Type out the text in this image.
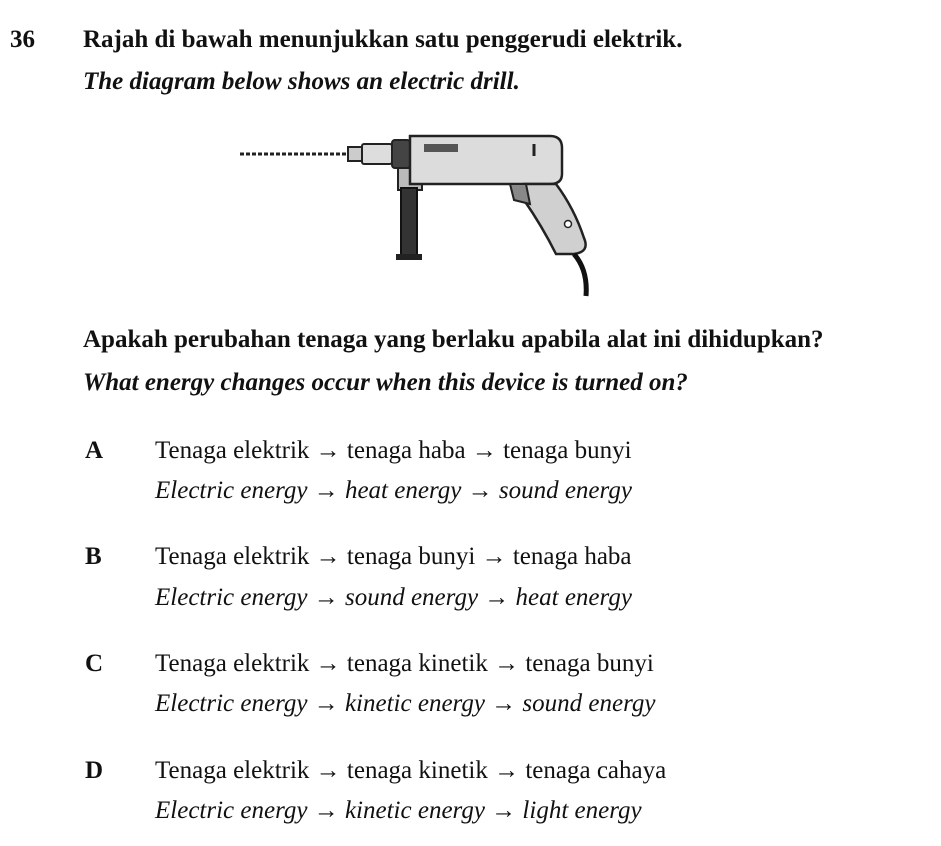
36 Rajah di bawah menunjukkan satu penggerudi elektrik.
The diagram below shows an electric drill.
Apakah perubahan tenaga yang berlaku apabila alat ini dihidupkan?
What energy changes occur when this device is turned on?
A Tenaga elektrik → tenaga haba → tenaga bunyi
Electric energy → heat energy → sound energy
B Tenaga elektrik → tenaga bunyi → tenaga haba
Electric energy → sound energy → heat energy
C Tenaga elektrik → tenaga kinetik → tenaga bunyi
Electric energy → kinetic energy → sound energy
D Tenaga elektrik → tenaga kinetik → tenaga cahaya
Electric energy → kinetic energy → light energy
